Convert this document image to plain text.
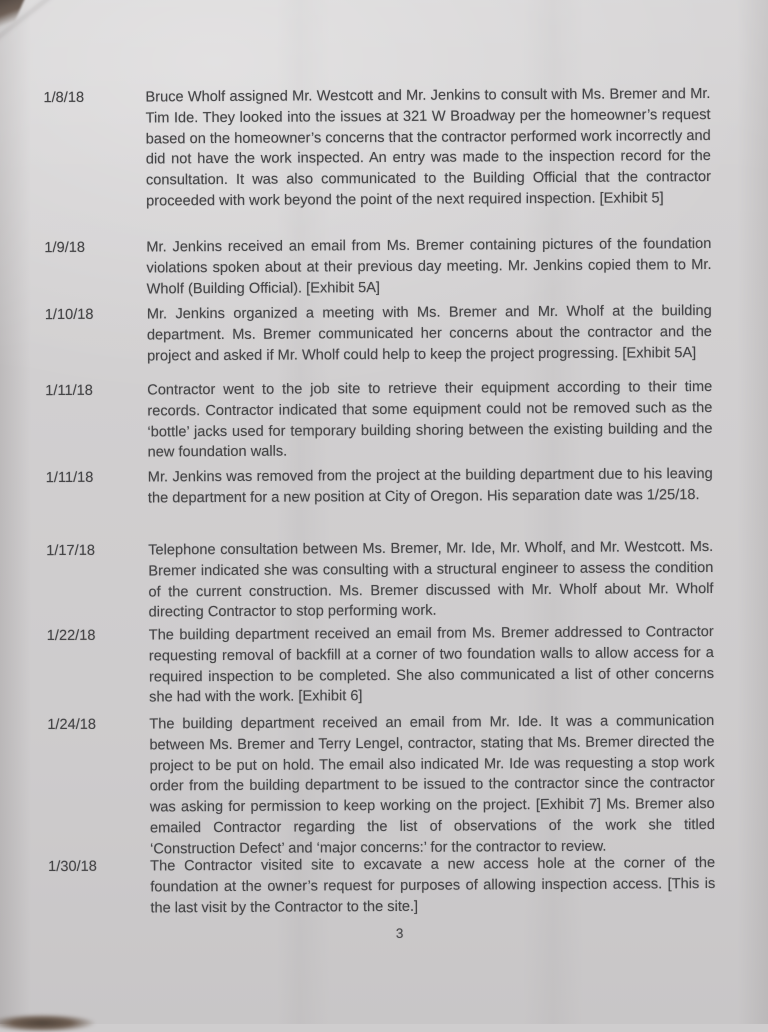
1/8/18	Bruce Wholf assigned Mr. Westcott and Mr. Jenkins to consult with Ms. Bremer and Mr. Tim Ide. They looked into the issues at 321 W Broadway per the homeowner’s request based on the homeowner’s concerns that the contractor performed work incorrectly and did not have the work inspected. An entry was made to the inspection record for the consultation. It was also communicated to the Building Official that the contractor proceeded with work beyond the point of the next required inspection. [Exhibit 5]
1/9/18	Mr. Jenkins received an email from Ms. Bremer containing pictures of the foundation violations spoken about at their previous day meeting. Mr. Jenkins copied them to Mr. Wholf (Building Official). [Exhibit 5A]
1/10/18	Mr. Jenkins organized a meeting with Ms. Bremer and Mr. Wholf at the building department. Ms. Bremer communicated her concerns about the contractor and the project and asked if Mr. Wholf could help to keep the project progressing. [Exhibit 5A]
1/11/18	Contractor went to the job site to retrieve their equipment according to their time records. Contractor indicated that some equipment could not be removed such as the ‘bottle’ jacks used for temporary building shoring between the existing building and the new foundation walls.
1/11/18	Mr. Jenkins was removed from the project at the building department due to his leaving the department for a new position at City of Oregon. His separation date was 1/25/18.
1/17/18	Telephone consultation between Ms. Bremer, Mr. Ide, Mr. Wholf, and Mr. Westcott. Ms. Bremer indicated she was consulting with a structural engineer to assess the condition of the current construction. Ms. Bremer discussed with Mr. Wholf about Mr. Wholf directing Contractor to stop performing work.
1/22/18	The building department received an email from Ms. Bremer addressed to Contractor requesting removal of backfill at a corner of two foundation walls to allow access for a required inspection to be completed. She also communicated a list of other concerns she had with the work. [Exhibit 6]
1/24/18	The building department received an email from Mr. Ide. It was a communication between Ms. Bremer and Terry Lengel, contractor, stating that Ms. Bremer directed the project to be put on hold. The email also indicated Mr. Ide was requesting a stop work order from the building department to be issued to the contractor since the contractor was asking for permission to keep working on the project. [Exhibit 7] Ms. Bremer also emailed Contractor regarding the list of observations of the work she titled ‘Construction Defect’ and ‘major concerns:’ for the contractor to review.
1/30/18	The Contractor visited site to excavate a new access hole at the corner of the foundation at the owner’s request for purposes of allowing inspection access. [This is the last visit by the Contractor to the site.]
3
